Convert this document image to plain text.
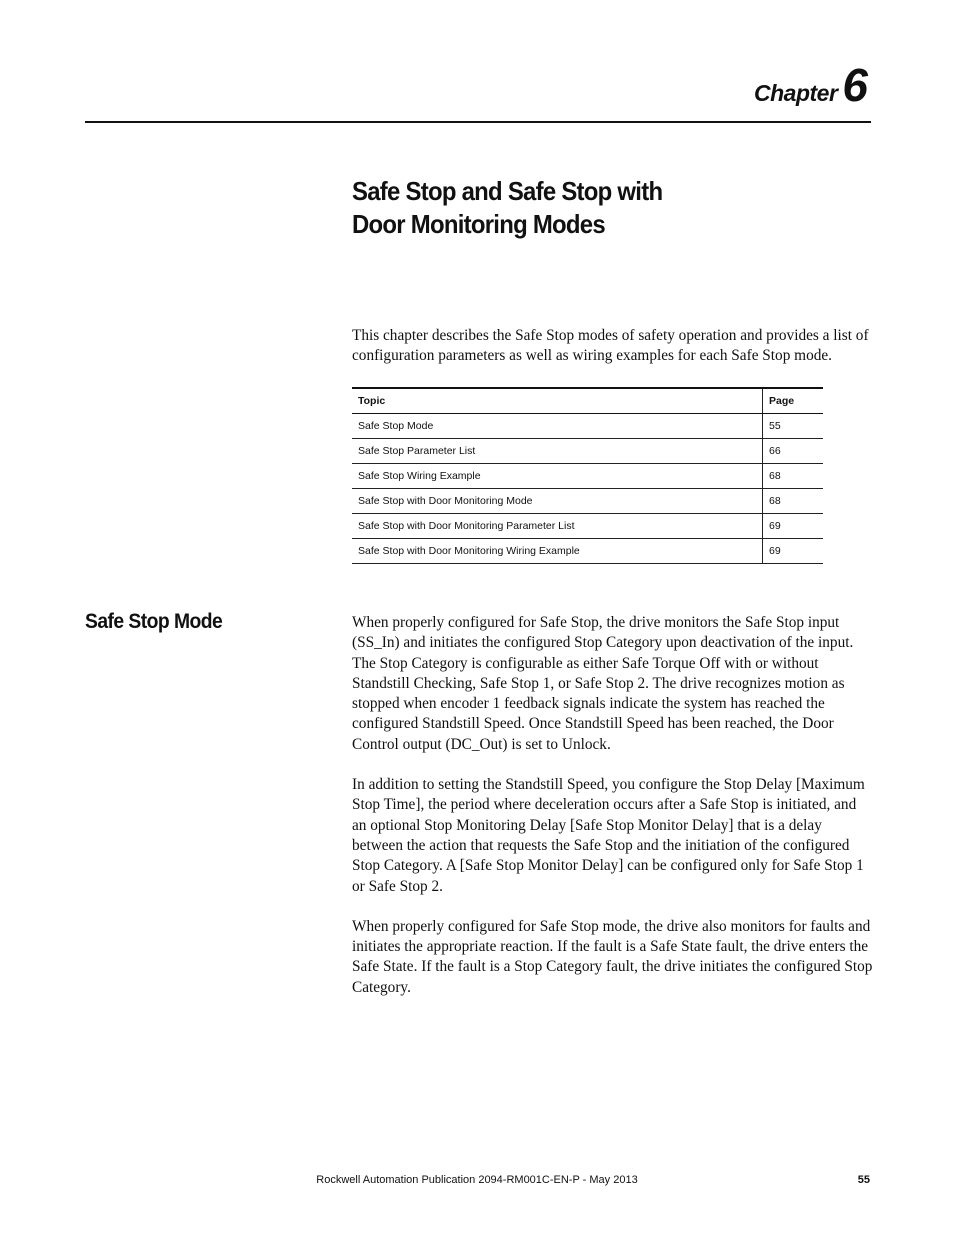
Chapter 6
Safe Stop and Safe Stop with
Door Monitoring Modes

This chapter describes the Safe Stop modes of safety operation and provides a list of configuration parameters as well as wiring examples for each Safe Stop mode.

Topic	Page
Safe Stop Mode	55
Safe Stop Parameter List	66
Safe Stop Wiring Example	68
Safe Stop with Door Monitoring Mode	68
Safe Stop with Door Monitoring Parameter List	69
Safe Stop with Door Monitoring Wiring Example	69
Safe Stop Mode	When properly configured for Safe Stop, the drive monitors the Safe Stop input (SS_In) and initiates the configured Stop Category upon deactivation of the input. The Stop Category is configurable as either Safe Torque Off with or without Standstill Checking, Safe Stop 1, or Safe Stop 2. The drive recognizes motion as stopped when encoder 1 feedback signals indicate the system has reached the configured Standstill Speed. Once Standstill Speed has been reached, the Door Control output (DC_Out) is set to Unlock.

In addition to setting the Standstill Speed, you configure the Stop Delay [Maximum Stop Time], the period where deceleration occurs after a Safe Stop is initiated, and an optional Stop Monitoring Delay [Safe Stop Monitor Delay] that is a delay between the action that requests the Safe Stop and the initiation of the configured Stop Category. A [Safe Stop Monitor Delay] can be configured only for Safe Stop 1 or Safe Stop 2.

When properly configured for Safe Stop mode, the drive also monitors for faults and initiates the appropriate reaction. If the fault is a Safe State fault, the drive enters the Safe State. If the fault is a Stop Category fault, the drive initiates the configured Stop Category.

Rockwell Automation Publication 2094-RM001C-EN-P - May 2013	55
